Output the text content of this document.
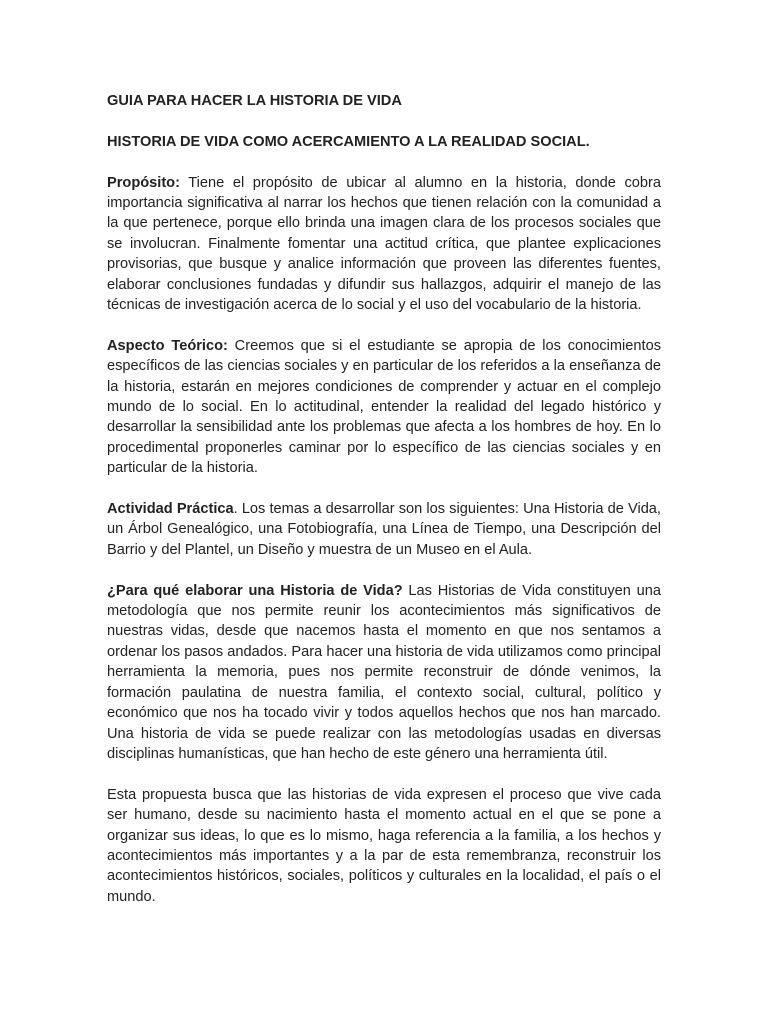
GUIA PARA HACER LA HISTORIA DE VIDA

HISTORIA DE VIDA COMO ACERCAMIENTO A LA REALIDAD SOCIAL.

Propósito: Tiene el propósito de ubicar al alumno en la historia, donde cobra importancia significativa al narrar los hechos que tienen relación con la comunidad a la que pertenece, porque ello brinda una imagen clara de los procesos sociales que se involucran. Finalmente fomentar una actitud crítica, que plantee explicaciones provisorias, que busque y analice información que proveen las diferentes fuentes, elaborar conclusiones fundadas y difundir sus hallazgos, adquirir el manejo de las técnicas de investigación acerca de lo social y el uso del vocabulario de la historia.

Aspecto Teórico: Creemos que si el estudiante se apropia de los conocimientos específicos de las ciencias sociales y en particular de los referidos a la enseñanza de la historia, estarán en mejores condiciones de comprender y actuar en el complejo mundo de lo social. En lo actitudinal, entender la realidad del legado histórico y desarrollar la sensibilidad ante los problemas que afecta a los hombres de hoy. En lo procedimental proponerles caminar por lo específico de las ciencias sociales y en particular de la historia.

Actividad Práctica. Los temas a desarrollar son los siguientes: Una Historia de Vida, un Árbol Genealógico, una Fotobiografía, una Línea de Tiempo, una Descripción del Barrio y del Plantel, un Diseño y muestra de un Museo en el Aula.

¿Para qué elaborar una Historia de Vida? Las Historias de Vida constituyen una metodología que nos permite reunir los acontecimientos más significativos de nuestras vidas, desde que nacemos hasta el momento en que nos sentamos a ordenar los pasos andados. Para hacer una historia de vida utilizamos como principal herramienta la memoria, pues nos permite reconstruir de dónde venimos, la formación paulatina de nuestra familia, el contexto social, cultural, político y económico que nos ha tocado vivir y todos aquellos hechos que nos han marcado. Una historia de vida se puede realizar con las metodologías usadas en diversas disciplinas humanísticas, que han hecho de este género una herramienta útil.

Esta propuesta busca que las historias de vida expresen el proceso que vive cada ser humano, desde su nacimiento hasta el momento actual en el que se pone a organizar sus ideas, lo que es lo mismo, haga referencia a la familia, a los hechos y acontecimientos más importantes y a la par de esta remembranza, reconstruir los acontecimientos históricos, sociales, políticos y culturales en la localidad, el país o el mundo.
